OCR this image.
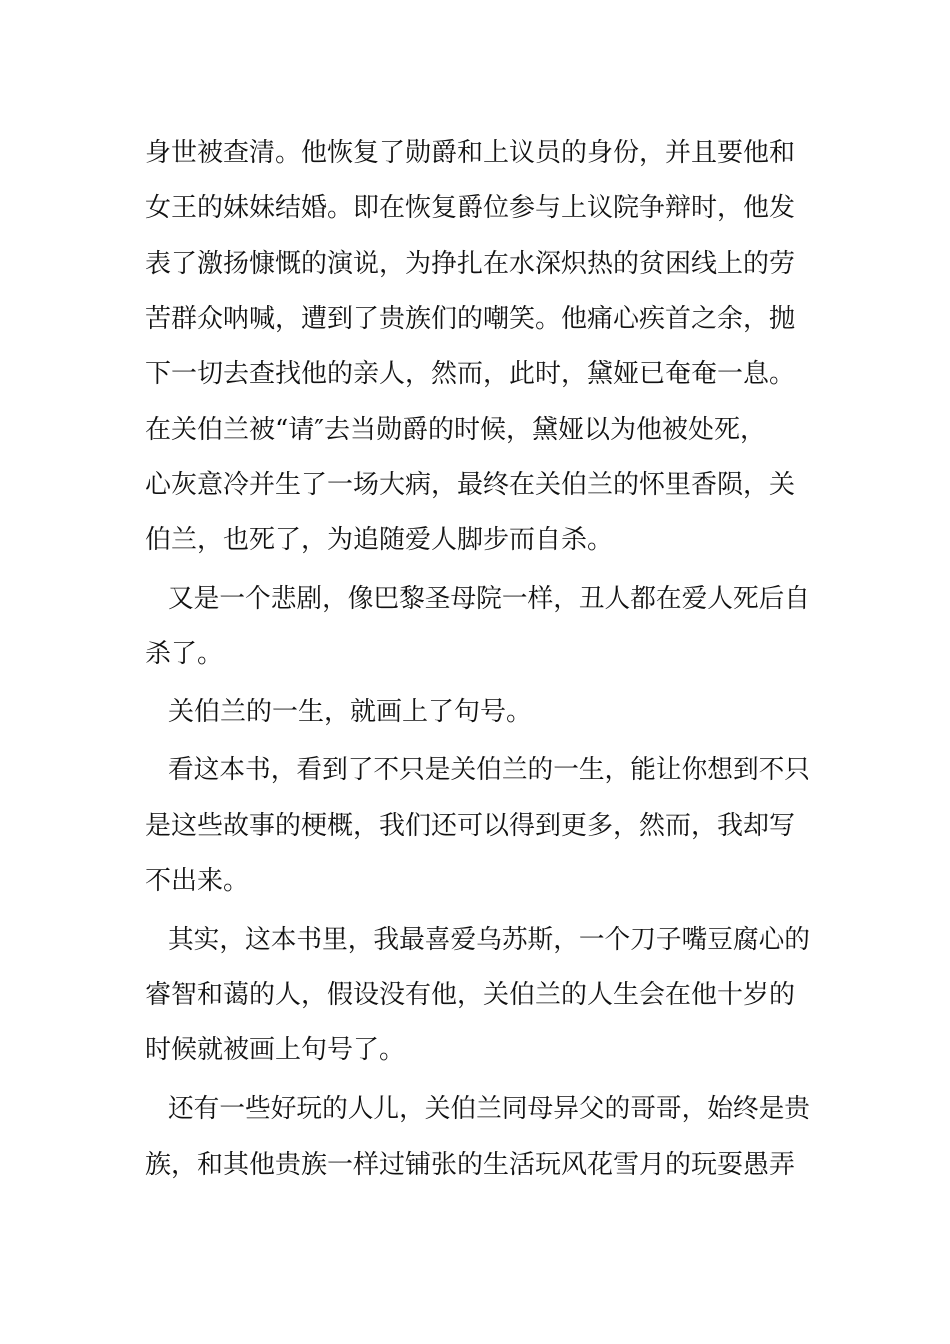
身世被查清。他恢复了勋爵和上议员的身份，并且要他和

女王的妹妹结婚。即在恢复爵位参与上议院争辩时，他发

表了激扬慷慨的演说，为挣扎在水深炽热的贫困线上的劳

苦群众呐喊，遭到了贵族们的嘲笑。他痛心疾首之余，抛

下一切去查找他的亲人，然而，此时，黛娅已奄奄一息。

在关伯兰被“请″去当勋爵的时候，黛娅以为他被处死，

心灰意冷并生了一场大病，最终在关伯兰的怀里香陨，关

伯兰，也死了，为追随爱人脚步而自杀。

又是一个悲剧，像巴黎圣母院一样，丑人都在爱人死后自

杀了。

关伯兰的一生，就画上了句号。

看这本书，看到了不只是关伯兰的一生，能让你想到不只

是这些故事的梗概，我们还可以得到更多，然而，我却写

不出来。

其实，这本书里，我最喜爱乌苏斯，一个刀子嘴豆腐心的

睿智和蔼的人，假设没有他，关伯兰的人生会在他十岁的

时候就被画上句号了。

还有一些好玩的人儿，关伯兰同母异父的哥哥，始终是贵

族，和其他贵族一样过铺张的生活玩风花雪月的玩耍愚弄
